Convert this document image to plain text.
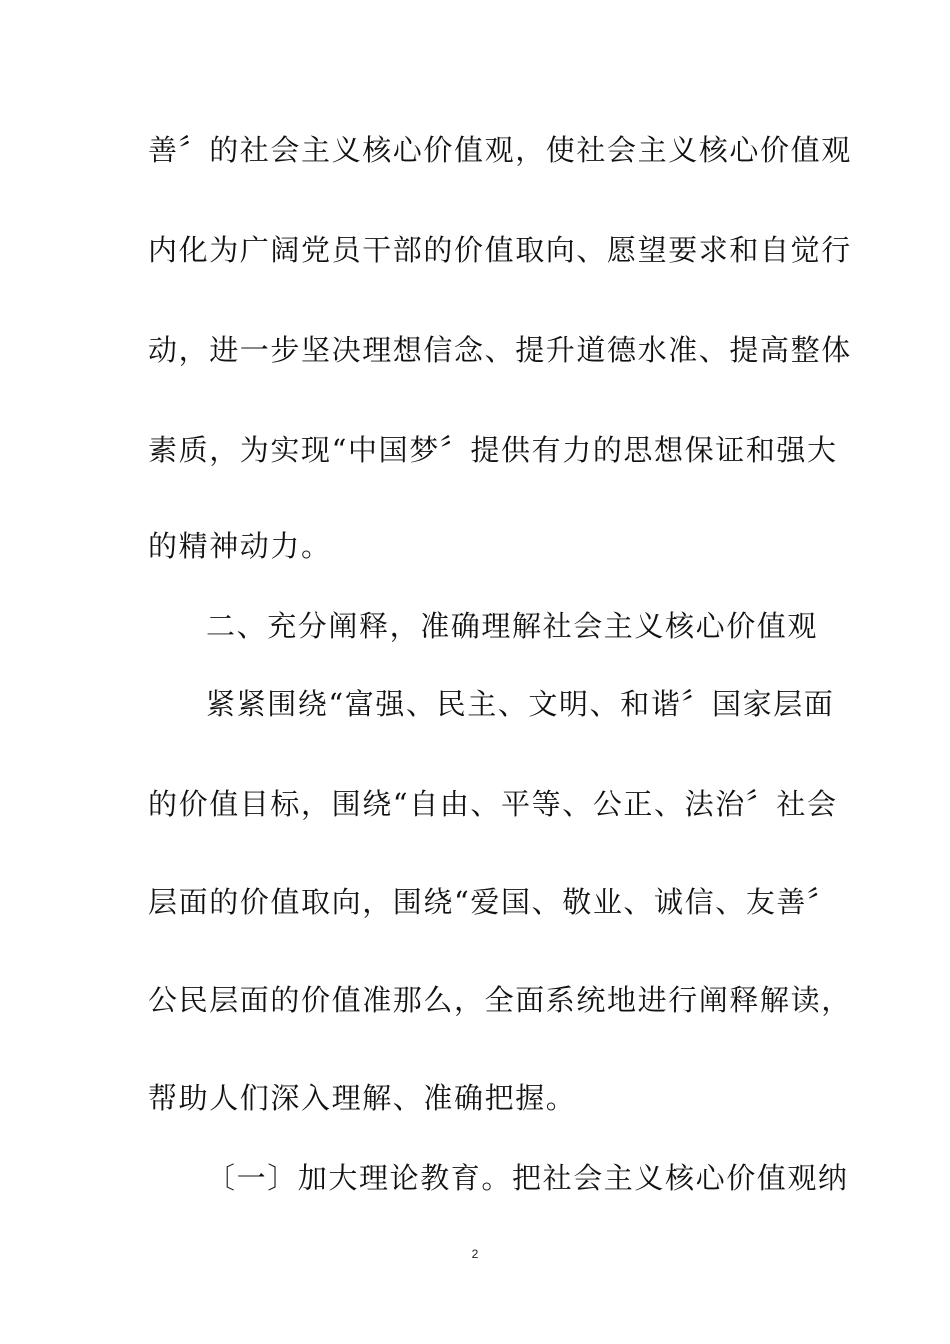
善〞的社会主义核心价值观，使社会主义核心价值观
内化为广阔党员干部的价值取向、愿望要求和自觉行
动，进一步坚决理想信念、提升道德水准、提高整体
素质，为实现“中国梦〞提供有力的思想保证和强大
的精神动力。
二、充分阐释，准确理解社会主义核心价值观
紧紧围绕“富强、民主、文明、和谐〞国家层面
的价值目标，围绕“自由、平等、公正、法治〞社会
层面的价值取向，围绕“爱国、敬业、诚信、友善〞
公民层面的价值准那么，全面系统地进行阐释解读，
帮助人们深入理解、准确把握。
〔一〕加大理论教育。把社会主义核心价值观纳
2
